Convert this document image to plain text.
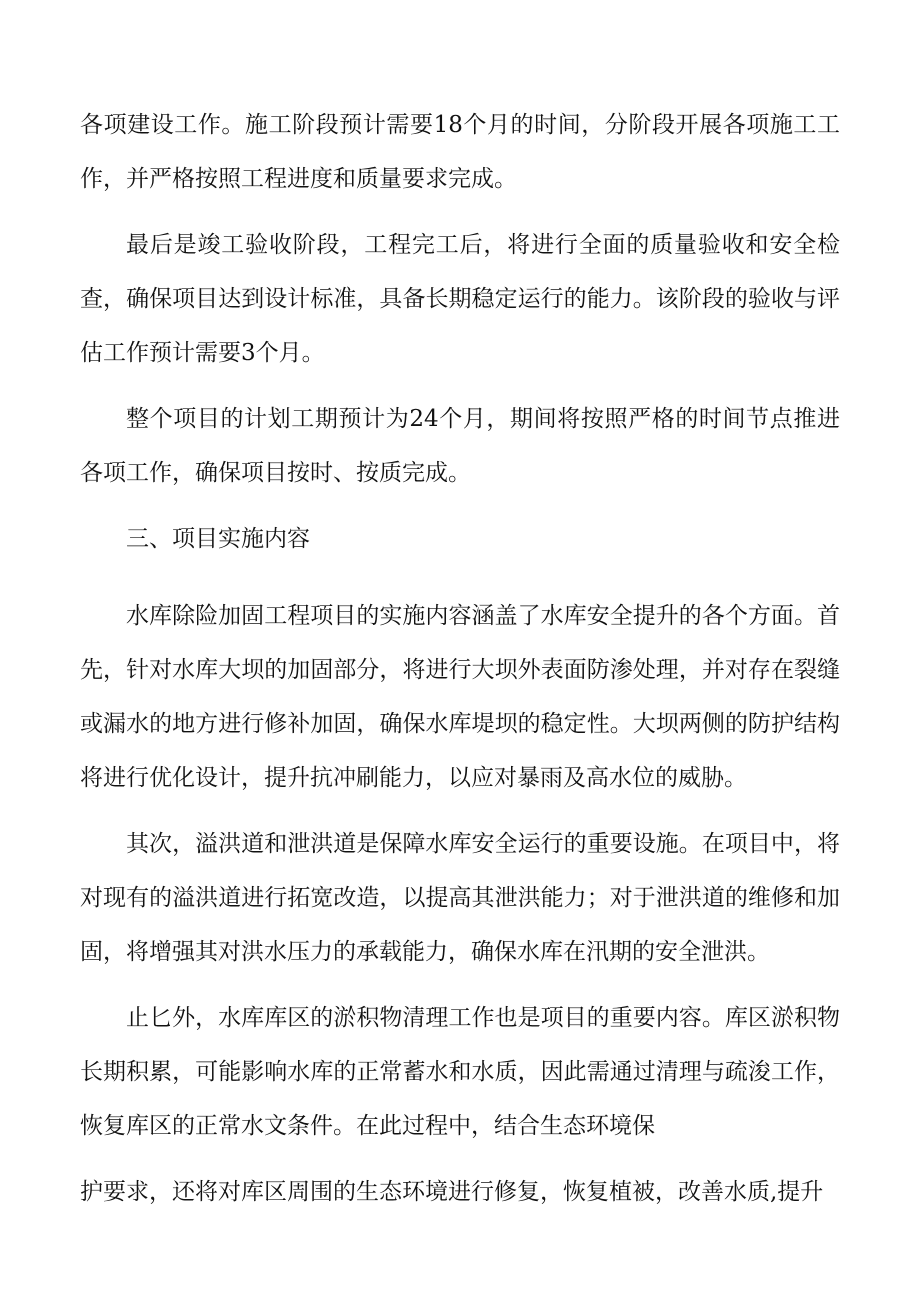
各项建设工作。施工阶段预计需要18个月的时间，分阶段开展各项施工工作，并严格按照工程进度和质量要求完成。

最后是竣工验收阶段，工程完工后，将进行全面的质量验收和安全检查，确保项目达到设计标准，具备长期稳定运行的能力。该阶段的验收与评估工作预计需要3个月。

整个项目的计划工期预计为24个月，期间将按照严格的时间节点推进各项工作，确保项目按时、按质完成。

三、项目实施内容

水库除险加固工程项目的实施内容涵盖了水库安全提升的各个方面。首先，针对水库大坝的加固部分，将进行大坝外表面防渗处理，并对存在裂缝或漏水的地方进行修补加固，确保水库堤坝的稳定性。大坝两侧的防护结构将进行优化设计，提升抗冲刷能力，以应对暴雨及高水位的威胁。

其次，溢洪道和泄洪道是保障水库安全运行的重要设施。在项目中，将对现有的溢洪道进行拓宽改造，以提高其泄洪能力；对于泄洪道的维修和加固，将增强其对洪水压力的承载能力，确保水库在汛期的安全泄洪。

止匕外，水库库区的淤积物清理工作也是项目的重要内容。库区淤积物长期积累，可能影响水库的正常蓄水和水质，因此需通过清理与疏浚工作，恢复库区的正常水文条件。在此过程中，结合生态环境保

护要求，还将对库区周围的生态环境进行修复，恢复植被，改善水质,提升
